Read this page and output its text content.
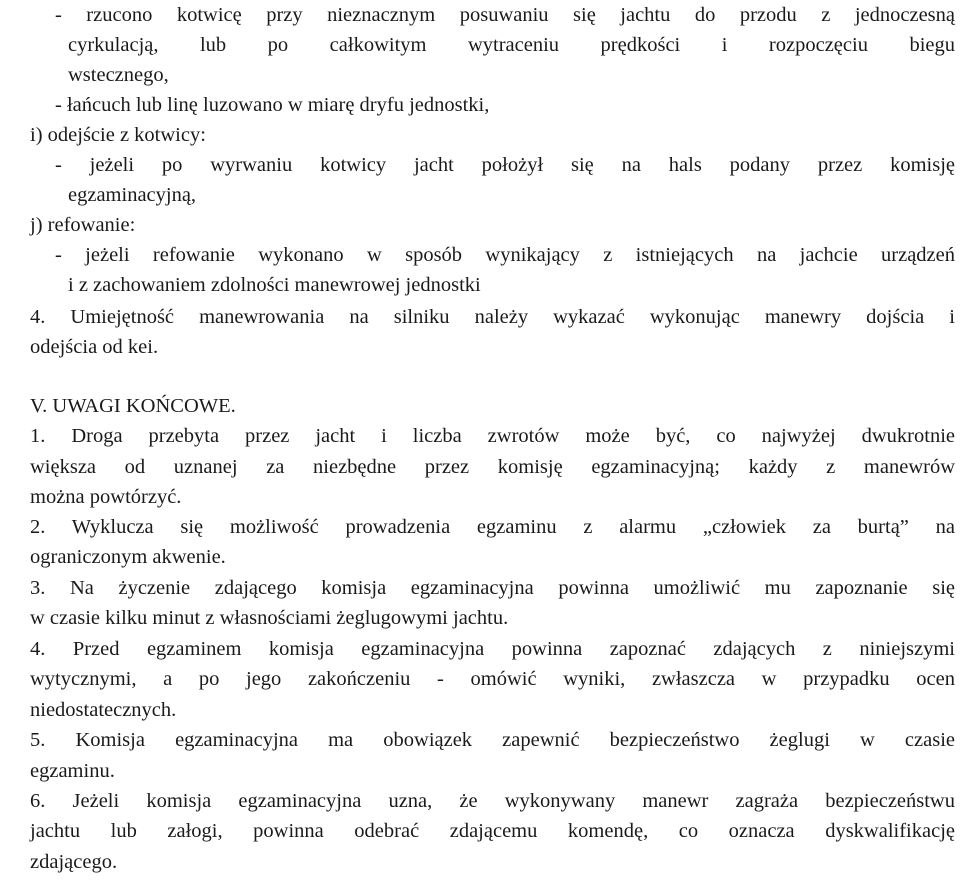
- rzucono kotwicę przy nieznacznym posuwaniu się jachtu do przodu z jednoczesną
cyrkulacją, lub po całkowitym wytraceniu prędkości i rozpoczęciu biegu
wstecznego,
- łańcuch lub linę luzowano w miarę dryfu jednostki,
i) odejście z kotwicy:
- jeżeli po wyrwaniu kotwicy jacht położył się na hals podany przez komisję
egzaminacyjną,
j) refowanie:
- jeżeli refowanie wykonano w sposób wynikający z istniejących na jachcie urządzeń
i z zachowaniem zdolności manewrowej jednostki
4. Umiejętność manewrowania na silniku należy wykazać wykonując manewry dojścia i
odejścia od kei.
V. UWAGI KOŃCOWE.
1. Droga przebyta przez jacht i liczba zwrotów może być, co najwyżej dwukrotnie
większa od uznanej za niezbędne przez komisję egzaminacyjną; każdy z manewrów
można powtórzyć.
2. Wyklucza się możliwość prowadzenia egzaminu z alarmu „człowiek za burtą” na
ograniczonym akwenie.
3. Na życzenie zdającego komisja egzaminacyjna powinna umożliwić mu zapoznanie się
w czasie kilku minut z własnościami żeglugowymi jachtu.
4. Przed egzaminem komisja egzaminacyjna powinna zapoznać zdających z niniejszymi
wytycznymi, a po jego zakończeniu - omówić wyniki, zwłaszcza w przypadku ocen
niedostatecznych.
5. Komisja egzaminacyjna ma obowiązek zapewnić bezpieczeństwo żeglugi w czasie
egzaminu.
6. Jeżeli komisja egzaminacyjna uzna, że wykonywany manewr zagraża bezpieczeństwu
jachtu lub załogi, powinna odebrać zdającemu komendę, co oznacza dyskwalifikację
zdającego.
